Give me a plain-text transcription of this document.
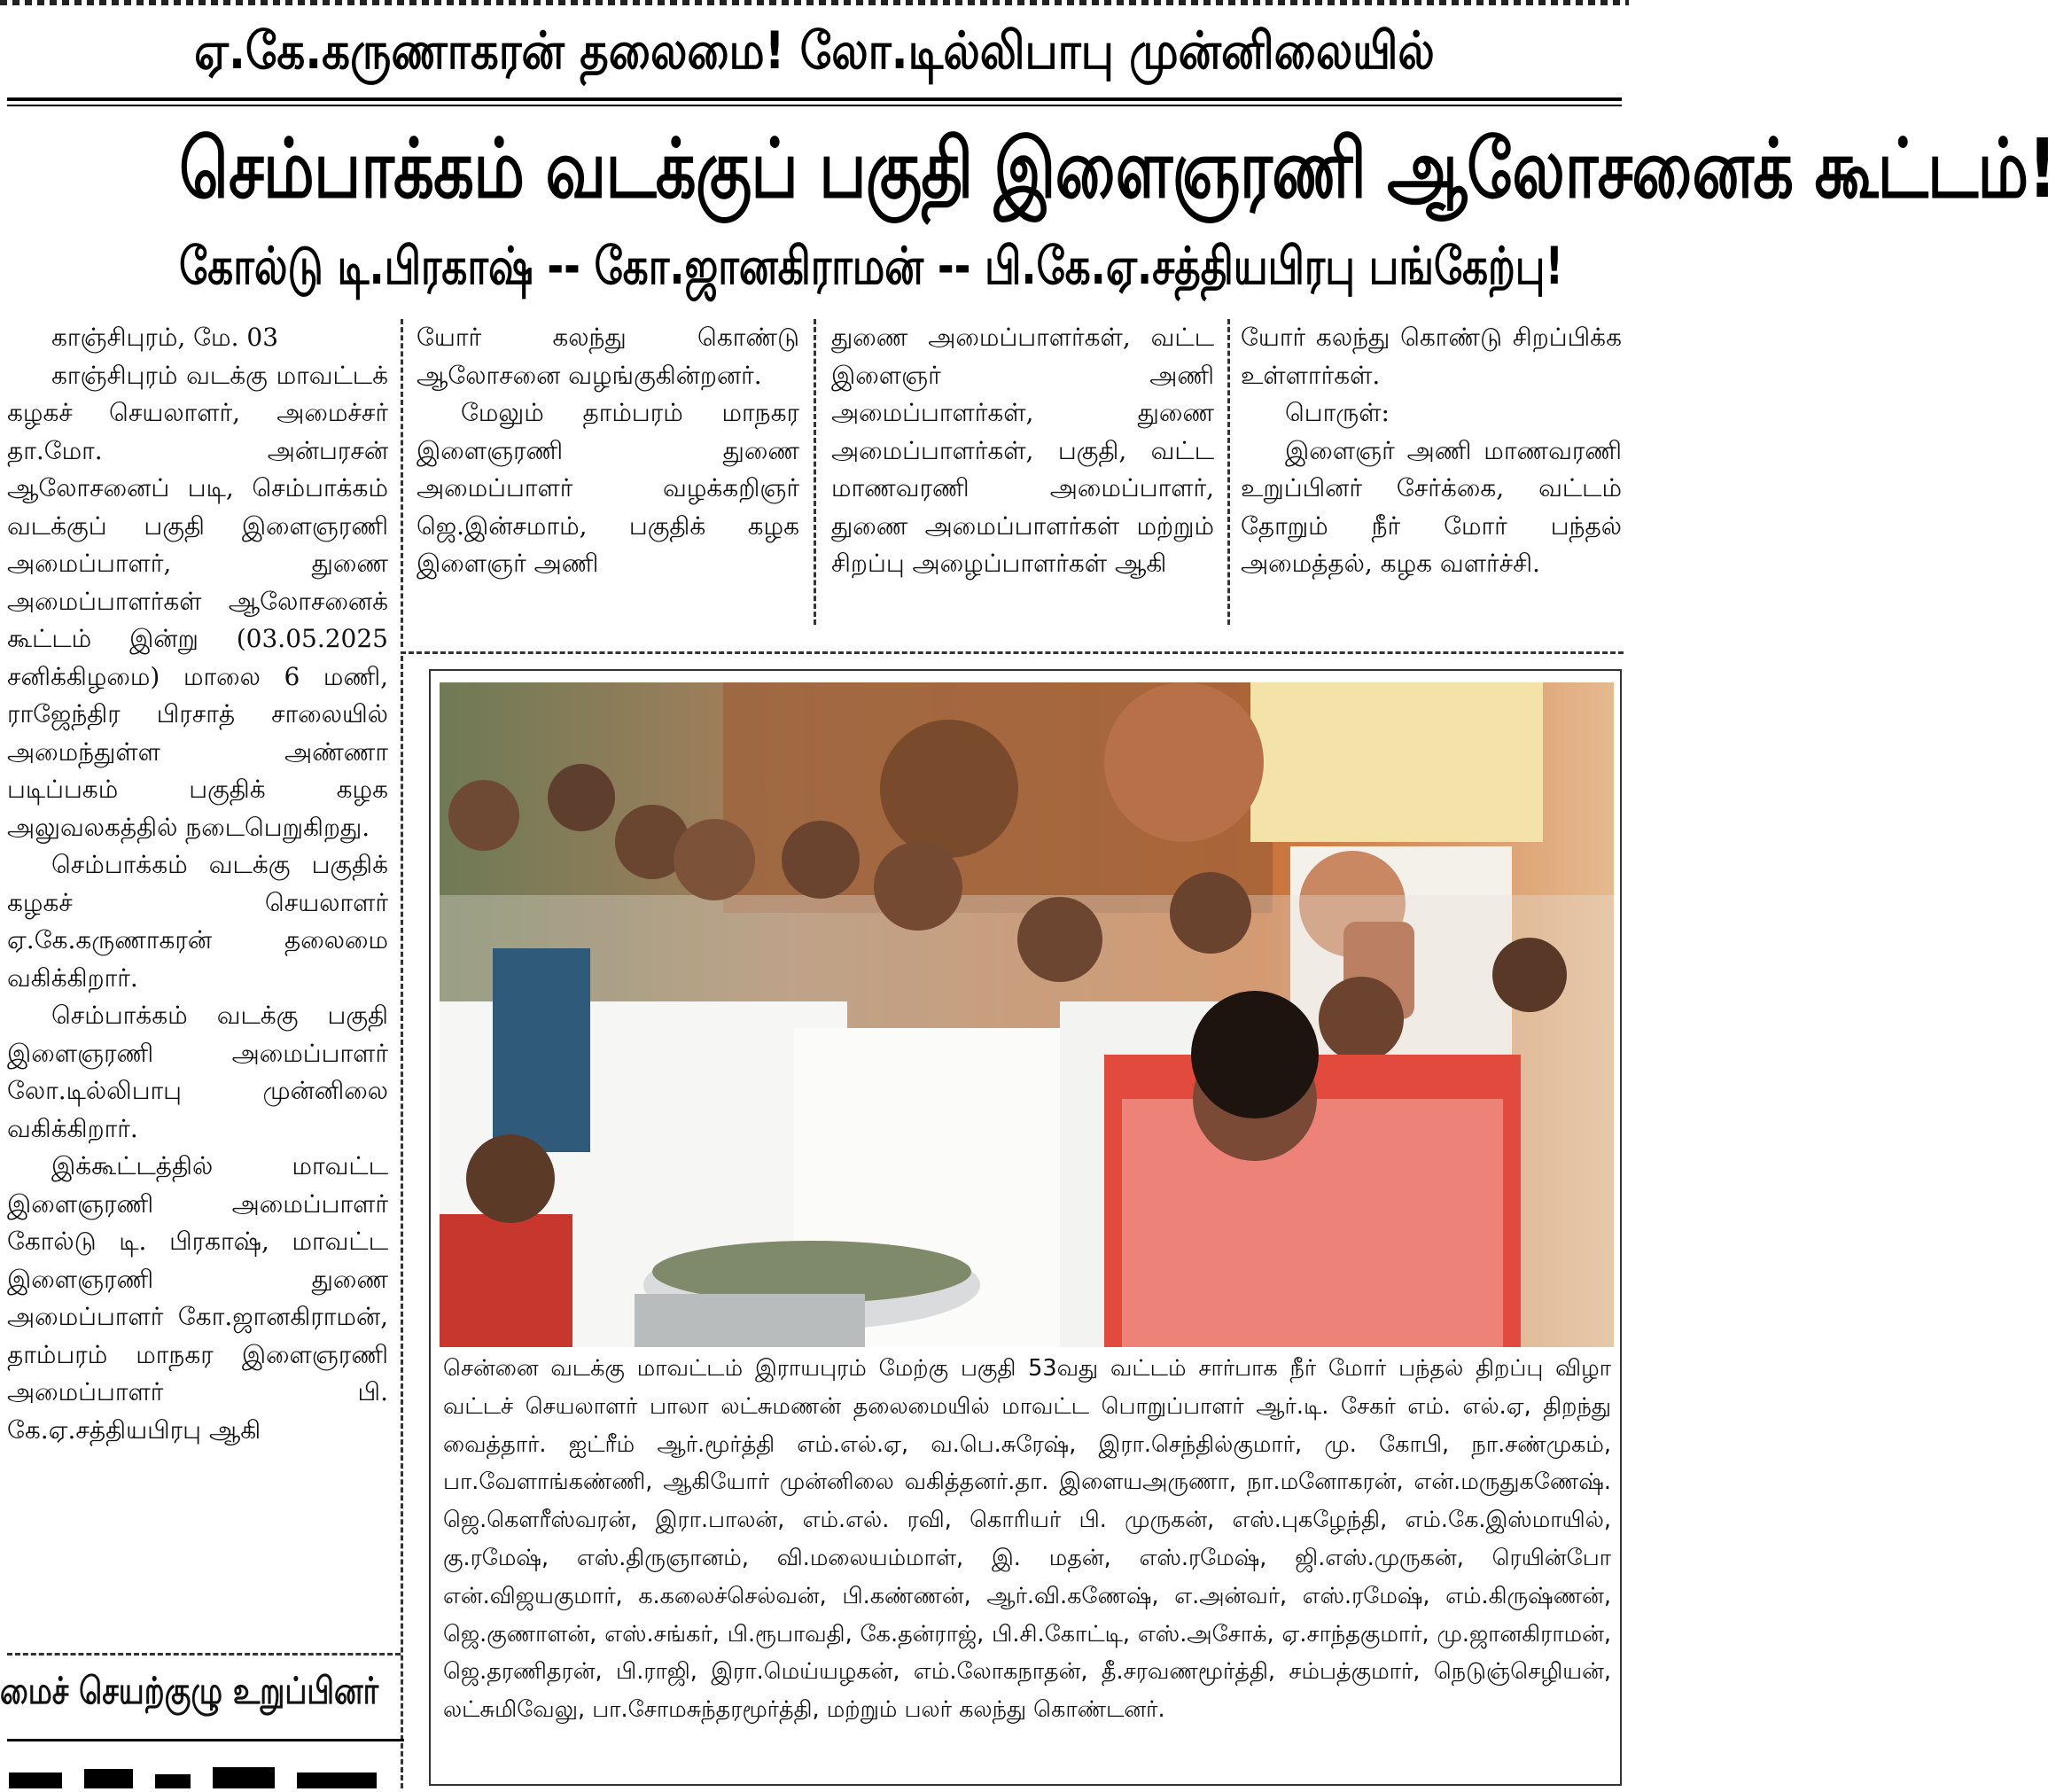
ஏ.கே.கருணாகரன் தலைமை! லோ.டில்லிபாபு முன்னிலையில்
செம்பாக்கம் வடக்குப் பகுதி இளைஞரணி ஆலோசனைக் கூட்டம்!
கோல்டு டி.பிரகாஷ் -- கோ.ஜானகிராமன் -- பி.கே.ஏ.சத்தியபிரபு பங்கேற்பு!

காஞ்சிபுரம், மே. 03

காஞ்சிபுரம் வடக்கு மாவட்டக் கழகச் செயலாளர், அமைச்சர் தா.மோ. அன்பரசன் ஆலோசனைப் படி, செம்பாக்கம் வடக்குப் பகுதி இளைஞரணி அமைப்பாளர், துணை அமைப்பாளர்கள் ஆலோசனைக் கூட்டம் இன்று (03.05.2025 சனிக்கிழமை) மாலை 6 மணி, ராஜேந்திர பிரசாத் சாலையில் அமைந்துள்ள அண்ணா படிப்பகம் பகுதிக் கழக அலுவலகத்தில் நடைபெறுகிறது.

செம்பாக்கம் வடக்கு பகுதிக் கழகச் செயலாளர் ஏ.கே.கருணாகரன் தலைமை வகிக்கிறார்.

செம்பாக்கம் வடக்கு பகுதி இளைஞரணி அமைப்பாளர் லோ.டில்லிபாபு முன்னிலை வகிக்கிறார்.

இக்கூட்டத்தில் மாவட்ட இளைஞரணி அமைப்பாளர் கோல்டு டி. பிரகாஷ், மாவட்ட இளைஞரணி துணை அமைப்பாளர் கோ.ஜானகிராமன், தாம்பரம் மாநகர இளைஞரணி அமைப்பாளர் பி. கே.ஏ.சத்தியபிரபு ஆகி

யோர் கலந்து கொண்டு ஆலோசனை வழங்குகின்றனர்.

மேலும் தாம்பரம் மாநகர இளைஞரணி துணை அமைப்பாளர் வழக்கறிஞர் ஜெ.இன்சமாம், பகுதிக் கழக இளைஞர் அணி

துணை அமைப்பாளர்கள், வட்ட இளைஞர் அணி அமைப்பாளர்கள், துணை அமைப்பாளர்கள், பகுதி, வட்ட மாணவரணி அமைப்பாளர், துணை அமைப்பாளர்கள் மற்றும் சிறப்பு அழைப்பாளர்கள் ஆகி

யோர் கலந்து கொண்டு சிறப்பிக்க உள்ளார்கள்.

பொருள்:

இளைஞர் அணி மாணவரணி உறுப்பினர் சேர்க்கை, வட்டம் தோறும் நீர் மோர் பந்தல் அமைத்தல், கழக வளர்ச்சி.

சென்னை வடக்கு மாவட்டம் இராயபுரம் மேற்கு பகுதி 53வது வட்டம் சார்பாக நீர் மோர் பந்தல் திறப்பு விழா வட்டச் செயலாளர் பாலா லட்சுமணன் தலைமையில் மாவட்ட பொறுப்பாளர் ஆர்.டி. சேகர் எம். எல்.ஏ, திறந்து வைத்தார். ஐட்ரீம் ஆர்.மூர்த்தி எம்.எல்.ஏ, வ.பெ.சுரேஷ், இரா.செந்தில்குமார், மு. கோபி, நா.சண்முகம், பா.வேளாங்கண்ணி, ஆகியோர் முன்னிலை வகித்தனர்.தா. இளையஅருணா, நா.மனோகரன், என்.மருதுகணேஷ். ஜெ.கௌரீஸ்வரன், இரா.பாலன், எம்.எல். ரவி, கொரியர் பி. முருகன், எஸ்.புகழேந்தி, எம்.கே.இஸ்மாயில், கு.ரமேஷ், எஸ்.திருஞானம், வி.மலையம்மாள், இ. மதன், எஸ்.ரமேஷ், ஜி.எஸ்.முருகன், ரெயின்போ என்.விஜயகுமார், க.கலைச்செல்வன், பி.கண்ணன், ஆர்.வி.கணேஷ், எ.அன்வர், எஸ்.ரமேஷ், எம்.கிருஷ்ணன், ஜெ.குணாளன், எஸ்.சங்கர், பி.ரூபாவதி, கே.தன்ராஜ், பி.சி.கோட்டி, எஸ்.அசோக், ஏ.சாந்தகுமார், மு.ஜானகிராமன், ஜெ.தரணிதரன், பி.ராஜி, இரா.மெய்யழகன், எம்.லோகநாதன், தீ.சரவணமூர்த்தி, சம்பத்குமார், நெடுஞ்செழியன், லட்சுமிவேலு, பா.சோமசுந்தரமூர்த்தி, மற்றும் பலர் கலந்து கொண்டனர்.
மைச் செயற்குழு உறுப்பினர்
